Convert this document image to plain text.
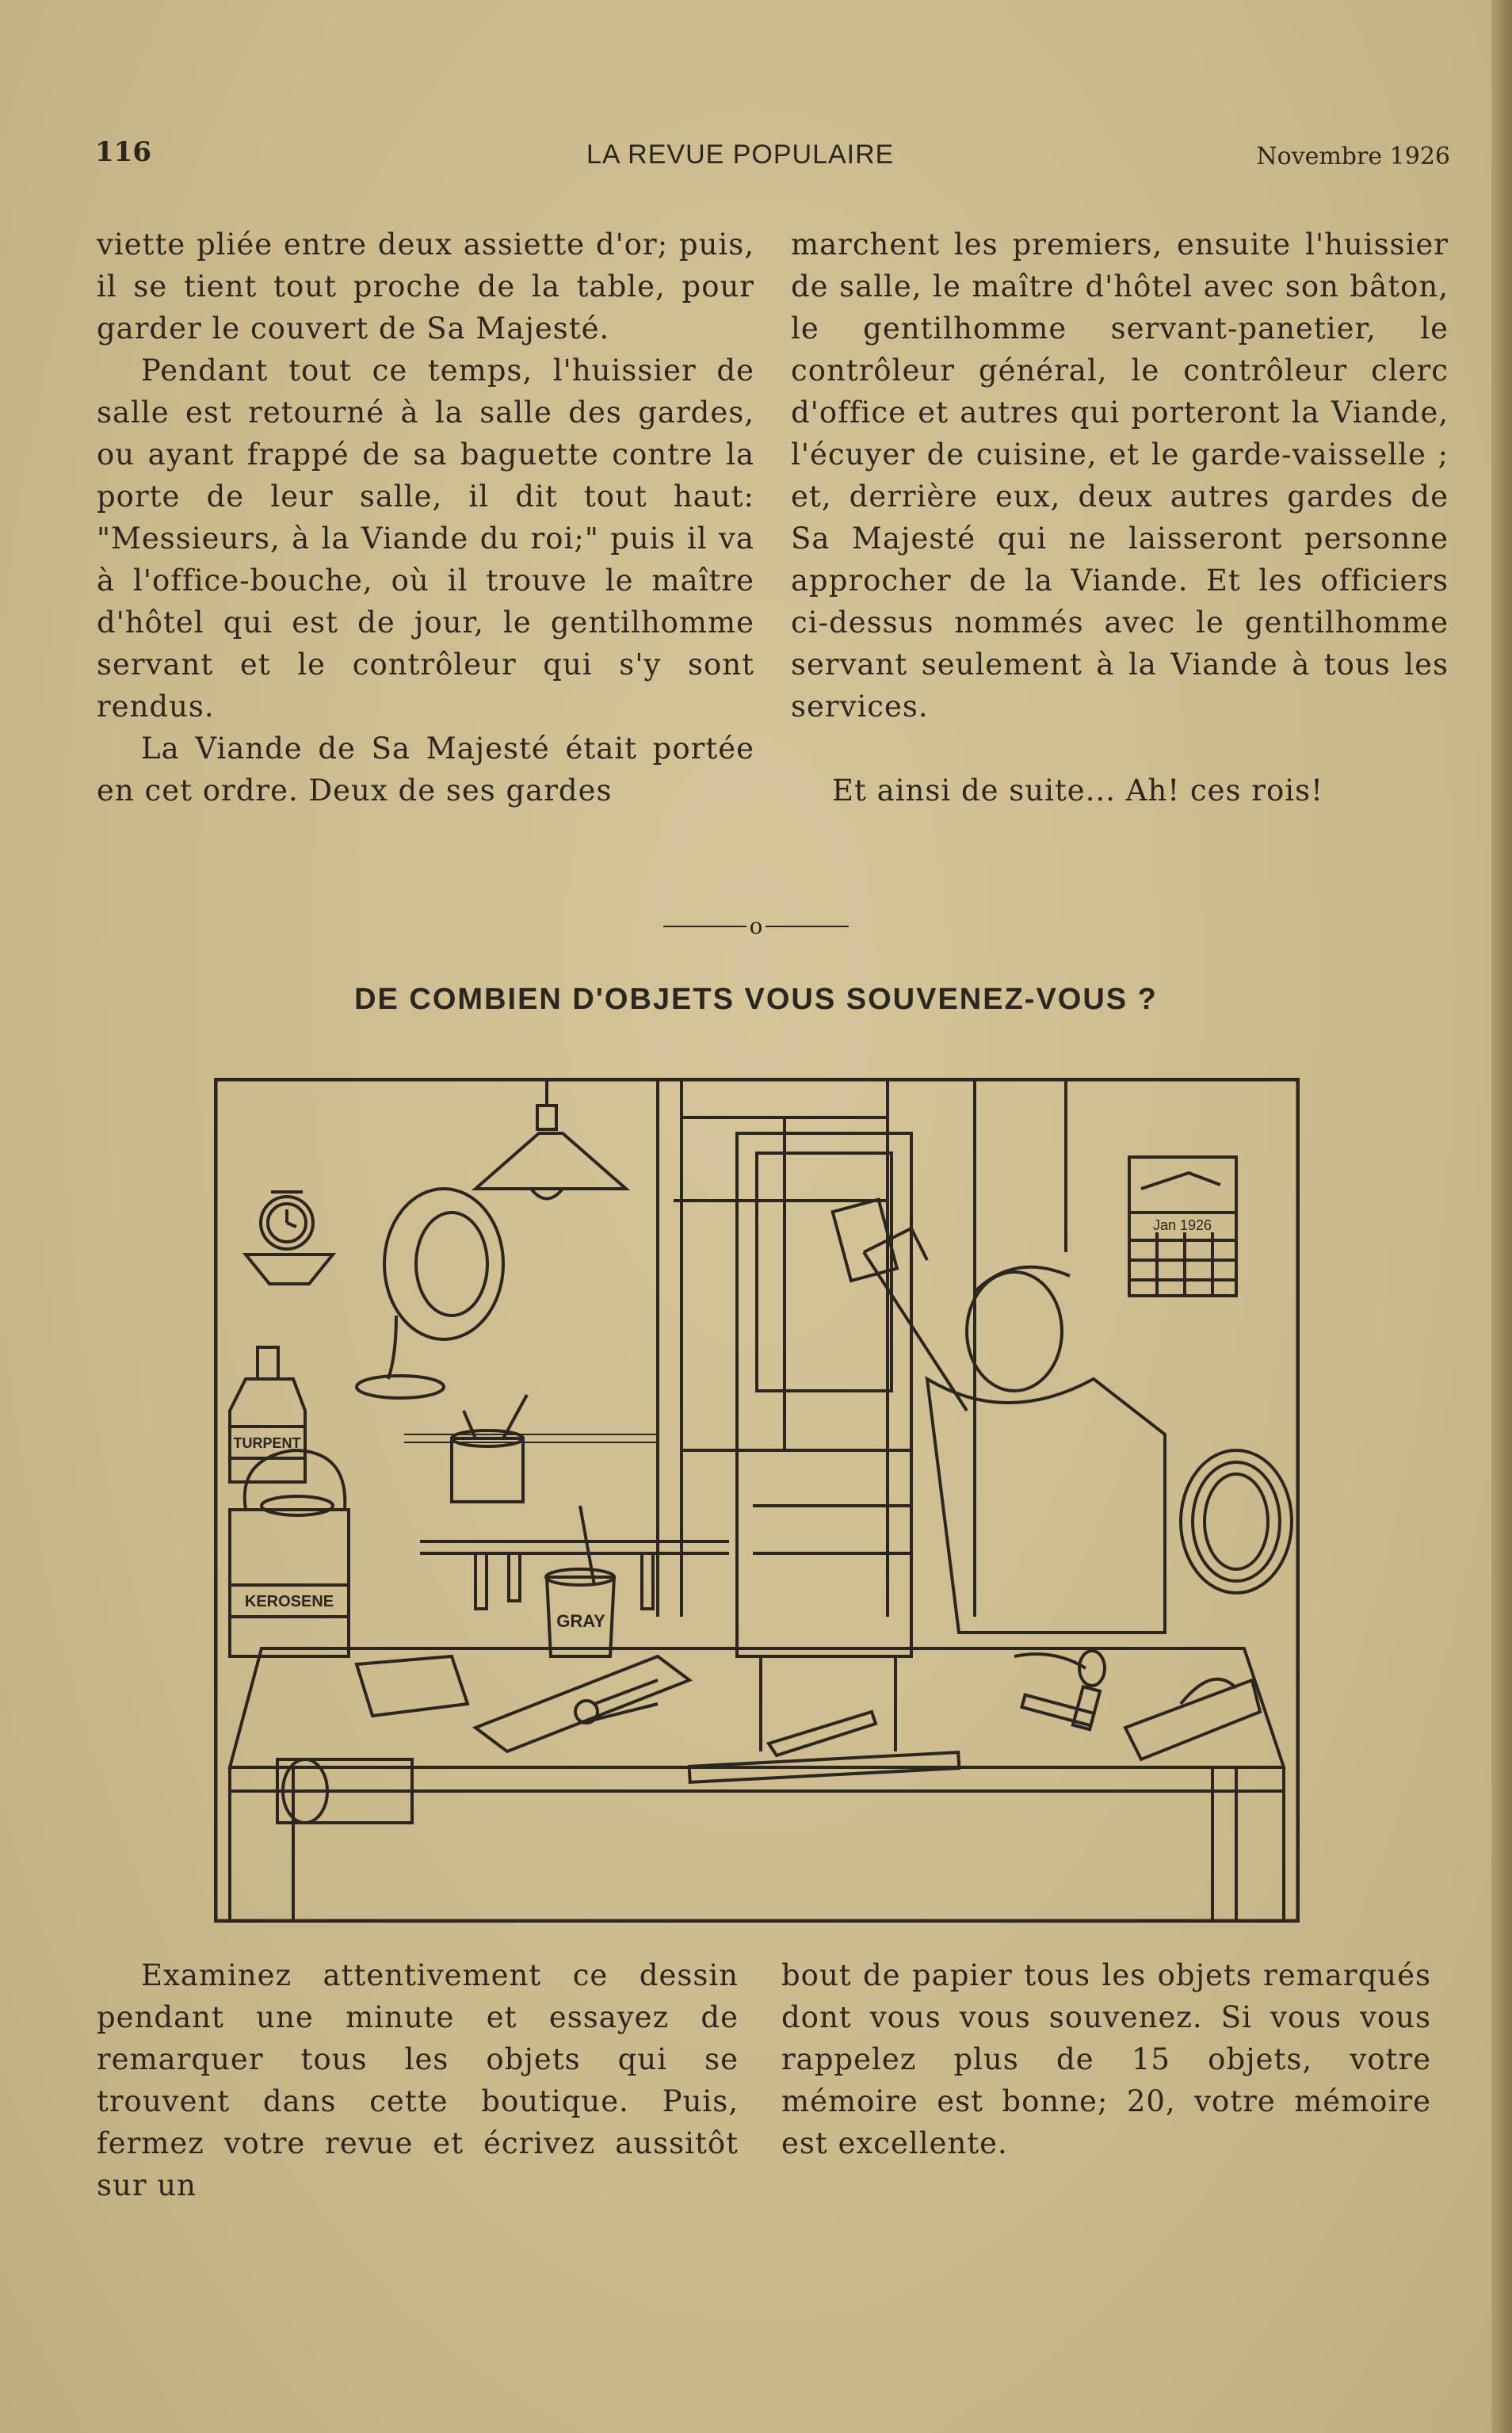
116	LA REVUE POPULAIRE	Novembre 1926

viette pliée entre deux assiette d'or; puis, il se tient tout proche de la table, pour garder le couvert de Sa Majesté.

Pendant tout ce temps, l'huissier de salle est retourné à la salle des gardes, ou ayant frappé de sa baguette contre la porte de leur salle, il dit tout haut: "Messieurs, à la Viande du roi;" puis il va à l'office-bouche, où il trouve le maître d'hôtel qui est de jour, le gentilhomme servant et le contrôleur qui s'y sont rendus.

La Viande de Sa Majesté était portée en cet ordre. Deux de ses gardes

marchent les premiers, ensuite l'huissier de salle, le maître d'hôtel avec son bâton, le gentilhomme servant-panetier, le contrôleur général, le contrôleur clerc d'office et autres qui porteront la Viande, l'écuyer de cuisine, et le garde-vaisselle ; et, derrière eux, deux autres gardes de Sa Majesté qui ne laisseront personne approcher de la Viande. Et les officiers ci-dessus nommés avec le gentilhomme servant seulement à la Viande à tous les services.

Et ainsi de suite... Ah! ces rois!

o
DE COMBIEN D'OBJETS VOUS SOUVENEZ-VOUS ?
TURPENT
KEROSENE
GRAY
Jan 1926

Examinez attentivement ce dessin pendant une minute et essayez de remarquer tous les objets qui se trouvent dans cette boutique. Puis, fermez votre revue et écrivez aussitôt sur un

bout de papier tous les objets remarqués dont vous vous souvenez. Si vous vous rappelez plus de 15 objets, votre mémoire est bonne; 20, votre mémoire est excellente.
